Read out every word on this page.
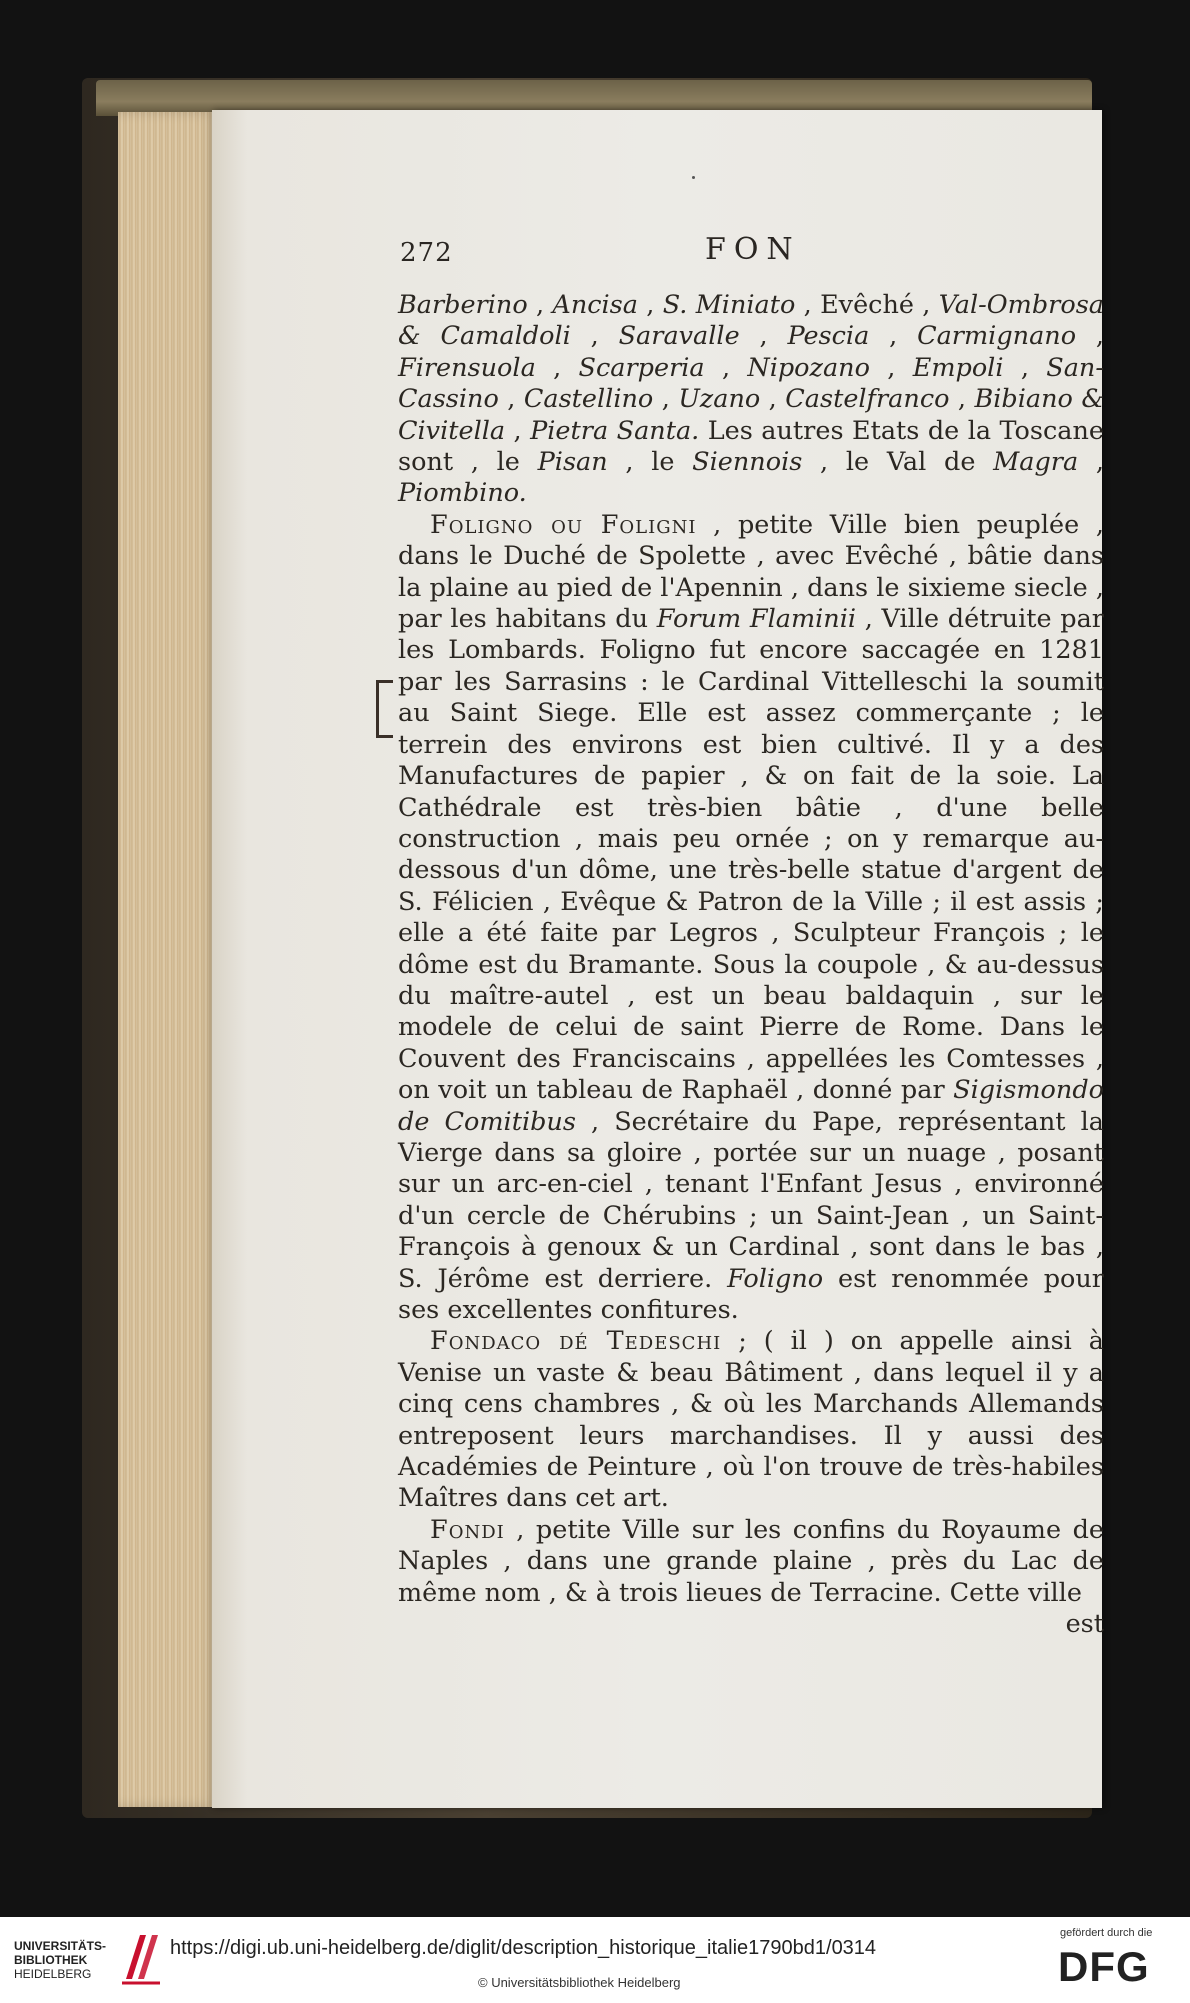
272	FON

Barberino , Ancisa , S. Miniato , Evêché , Val-Ombrosa & Camaldoli , Saravalle , Pescia , Carmignano , Firensuola , Scarperia , Nipozano , Empoli , San-Cassino , Castellino , Uzano , Castelfranco , Bibiano & Civitella , Pietra Santa. Les autres Etats de la Toscane sont , le Pisan , le Siennois , le Val de Magra , Piombino.

Foligno ou Foligni , petite Ville bien peuplée , dans le Duché de Spolette , avec Evêché , bâtie dans la plaine au pied de l'Apennin , dans le sixieme siecle , par les habitans du Forum Flaminii , Ville détruite par les Lombards. Foligno fut encore saccagée en 1281 par les Sarrasins : le Cardinal Vittelleschi la soumit au Saint Siege. Elle est assez commerçante ; le terrein des environs est bien cultivé. Il y a des Manufactures de papier , & on fait de la soie. La Cathédrale est très-bien bâtie , d'une belle construction , mais peu ornée ; on y remarque au-dessous d'un dôme, une très-belle statue d'argent de S. Félicien , Evêque & Patron de la Ville ; il est assis ; elle a été faite par Legros , Sculpteur François ; le dôme est du Bramante. Sous la coupole , & au-dessus du maître-autel , est un beau baldaquin , sur le modele de celui de saint Pierre de Rome. Dans le Couvent des Franciscains , appellées les Comtesses , on voit un tableau de Raphaël , donné par Sigismondo de Comitibus , Secrétaire du Pape, représentant la Vierge dans sa gloire , portée sur un nuage , posant sur un arc-en-ciel , tenant l'Enfant Jesus , environné d'un cercle de Chérubins ; un Saint-Jean , un Saint-François à genoux & un Cardinal , sont dans le bas , S. Jérôme est derriere. Foligno est renommée pour ses excellentes confitures.

Fondaco dé Tedeschi ; ( il ) on appelle ainsi à Venise un vaste & beau Bâtiment , dans lequel il y a cinq cens chambres , & où les Marchands Allemands entreposent leurs marchandises. Il y aussi des Académies de Peinture , où l'on trouve de très-habiles Maîtres dans cet art.

Fondi , petite Ville sur les confins du Royaume de Naples , dans une grande plaine , près du Lac de même nom , & à trois lieues de Terracine. Cette ville

est
UNIVERSITÄTS-
BIBLIOTHEK
HEIDELBERG
https://digi.ub.uni-heidelberg.de/diglit/description_historique_italie1790bd1/0314
© Universitätsbibliothek Heidelberg
gefördert durch die
DFG
